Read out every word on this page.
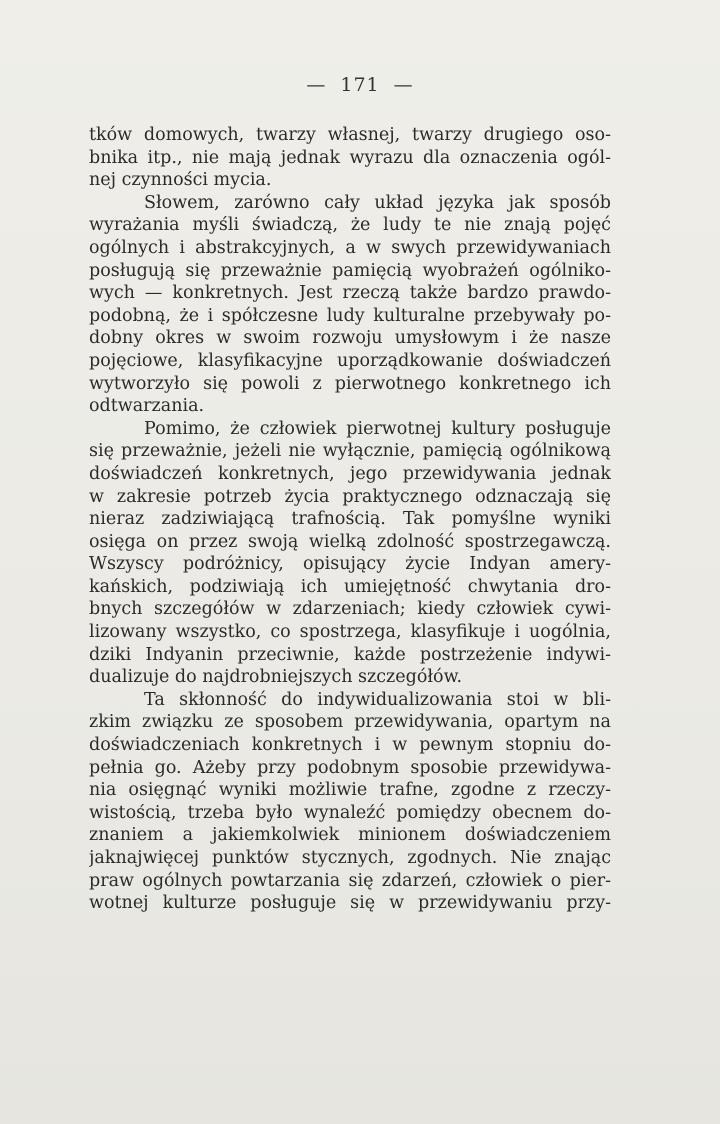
— 171 —
tków domowych, twarzy własnej, twarzy drugiego oso-
bnika itp., nie mają jednak wyrazu dla oznaczenia ogól-
nej czynności mycia.
Słowem, zarówno cały układ języka jak sposób
wyrażania myśli świadczą, że ludy te nie znają pojęć
ogólnych i abstrakcyjnych, a w swych przewidywaniach
posługują się przeważnie pamięcią wyobrażeń ogólniko-
wych — konkretnych. Jest rzeczą także bardzo prawdo-
podobną, że i spółczesne ludy kulturalne przebywały po-
dobny okres w swoim rozwoju umysłowym i że nasze
pojęciowe, klasyfikacyjne uporządkowanie doświadczeń
wytworzyło się powoli z pierwotnego konkretnego ich
odtwarzania.
Pomimo, że człowiek pierwotnej kultury posługuje
się przeważnie, jeżeli nie wyłącznie, pamięcią ogólnikową
doświadczeń konkretnych, jego przewidywania jednak
w zakresie potrzeb życia praktycznego odznaczają się
nieraz zadziwiającą trafnością. Tak pomyślne wyniki
osięga on przez swoją wielką zdolność spostrzegawczą.
Wszyscy podróżnicy, opisujący życie Indyan amery-
kańskich, podziwiają ich umiejętność chwytania dro-
bnych szczegółów w zdarzeniach; kiedy człowiek cywi-
lizowany wszystko, co spostrzega, klasyfikuje i uogólnia,
dziki Indyanin przeciwnie, każde postrzeżenie indywi-
dualizuje do najdrobniejszych szczegółów.
Ta skłonność do indywidualizowania stoi w bli-
zkim związku ze sposobem przewidywania, opartym na
doświadczeniach konkretnych i w pewnym stopniu do-
pełnia go. Ażeby przy podobnym sposobie przewidywa-
nia osięgnąć wyniki możliwie trafne, zgodne z rzeczy-
wistością, trzeba było wynaleźć pomiędzy obecnem do-
znaniem a jakiemkolwiek minionem doświadczeniem
jaknajwięcej punktów stycznych, zgodnych. Nie znając
praw ogólnych powtarzania się zdarzeń, człowiek o pier-
wotnej kulturze posługuje się w przewidywaniu przy-
